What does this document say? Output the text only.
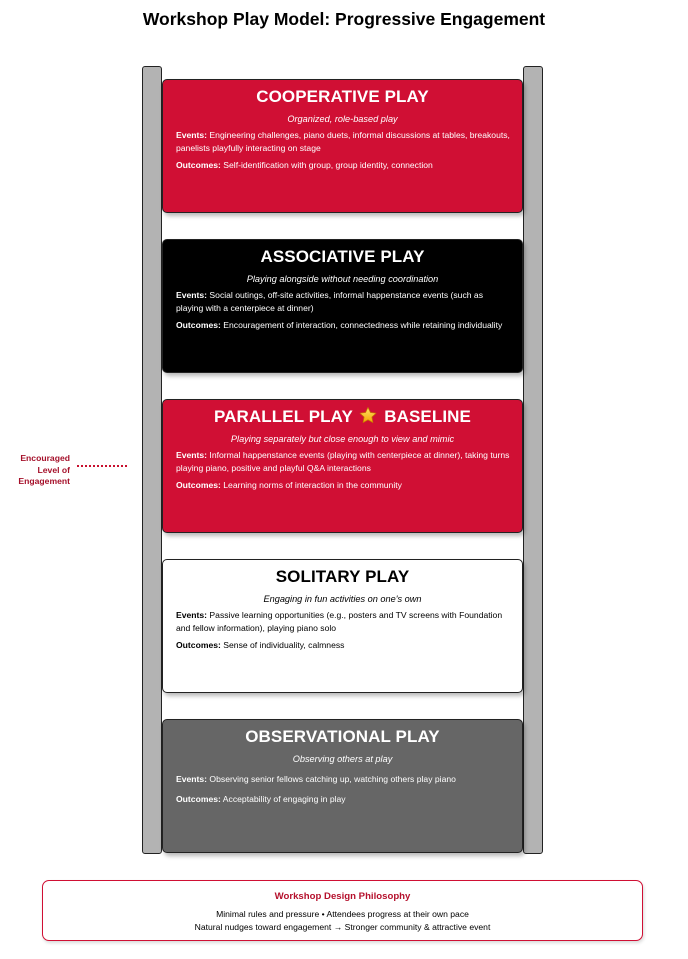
Workshop Play Model: Progressive Engagement
COOPERATIVE PLAY
Organized, role-based play
Events: Engineering challenges, piano duets, informal discussions at tables, breakouts, panelists playfully interacting on stage
Outcomes: Self-identification with group, group identity, connection
ASSOCIATIVE PLAY
Playing alongside without needing coordination
Events: Social outings, off-site activities, informal happenstance events (such as playing with a centerpiece at dinner)
Outcomes: Encouragement of interaction, connectedness while retaining individuality
PARALLEL PLAY BASELINE
Playing separately but close enough to view and mimic
Events: Informal happenstance events (playing with centerpiece at dinner), taking turns playing piano, positive and playful Q&A interactions
Outcomes: Learning norms of interaction in the community
SOLITARY PLAY
Engaging in fun activities on one's own
Events: Passive learning opportunities (e.g., posters and TV screens with Foundation and fellow information), playing piano solo
Outcomes: Sense of individuality, calmness
OBSERVATIONAL PLAY
Observing others at play
Events: Observing senior fellows catching up, watching others play piano
Outcomes: Acceptability of engaging in play
Encouraged Level of Engagement
Workshop Design Philosophy
Minimal rules and pressure • Attendees progress at their own pace
Natural nudges toward engagement → Stronger community & attractive event
